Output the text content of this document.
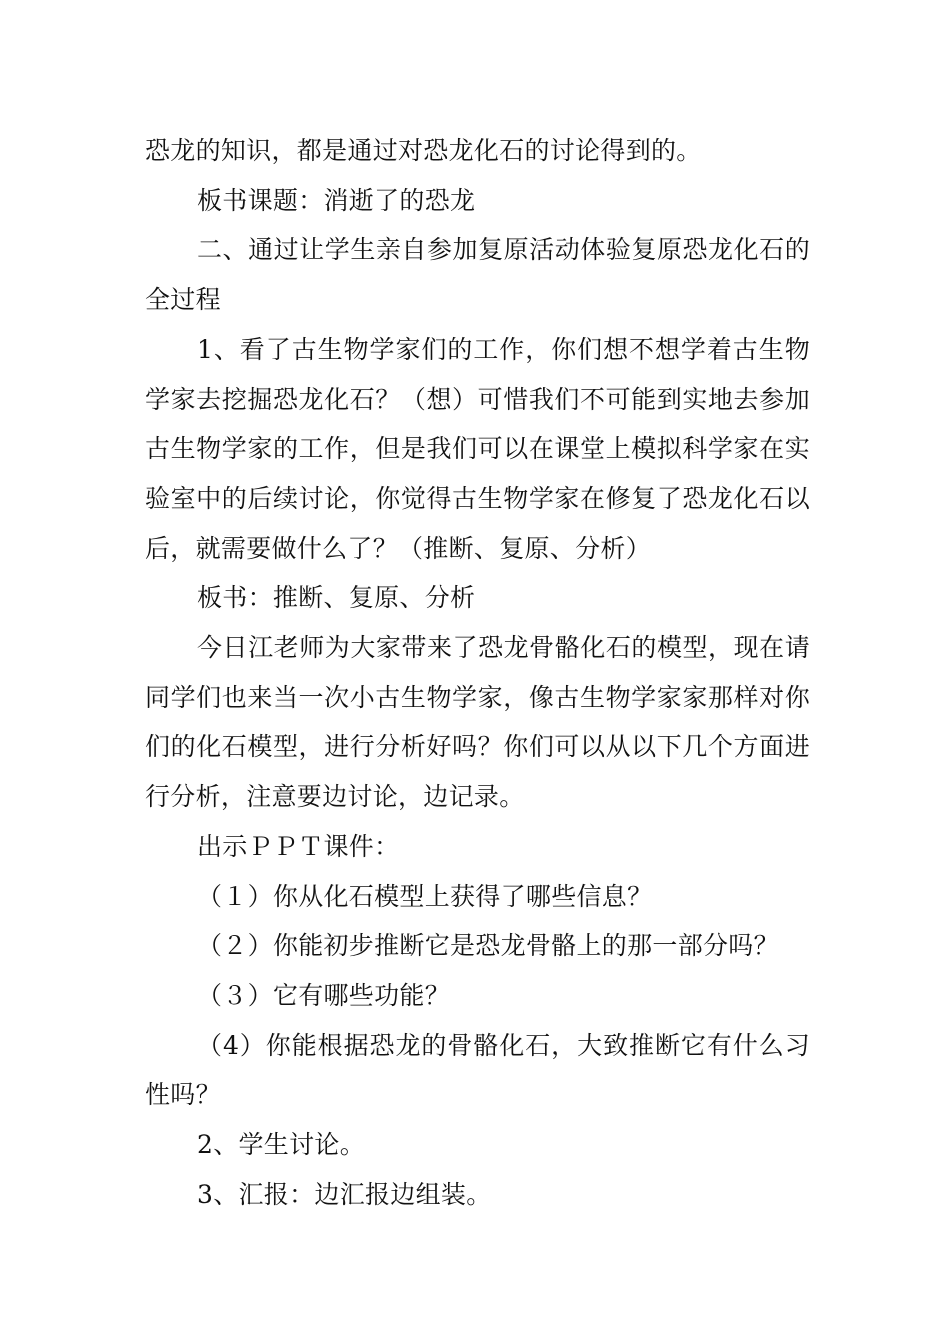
恐龙的知识，都是通过对恐龙化石的讨论得到的。

板书课题：消逝了的恐龙

二、通过让学生亲自参加复原活动体验复原恐龙化石的全过程

1、看了古生物学家们的工作，你们想不想学着古生物学家去挖掘恐龙化石？（想）可惜我们不可能到实地去参加古生物学家的工作，但是我们可以在课堂上模拟科学家在实验室中的后续讨论，你觉得古生物学家在修复了恐龙化石以后，就需要做什么了？（推断、复原、分析）

板书：推断、复原、分析

今日江老师为大家带来了恐龙骨骼化石的模型，现在请同学们也来当一次小古生物学家，像古生物学家家那样对你们的化石模型，进行分析好吗？你们可以从以下几个方面进行分析，注意要边讨论，边记录。

出示ＰＰＴ课件：

（１）你从化石模型上获得了哪些信息？

（２）你能初步推断它是恐龙骨骼上的那一部分吗？

（３）它有哪些功能？

（4）你能根据恐龙的骨骼化石，大致推断它有什么习性吗？

2、学生讨论。

3、汇报：边汇报边组装。
